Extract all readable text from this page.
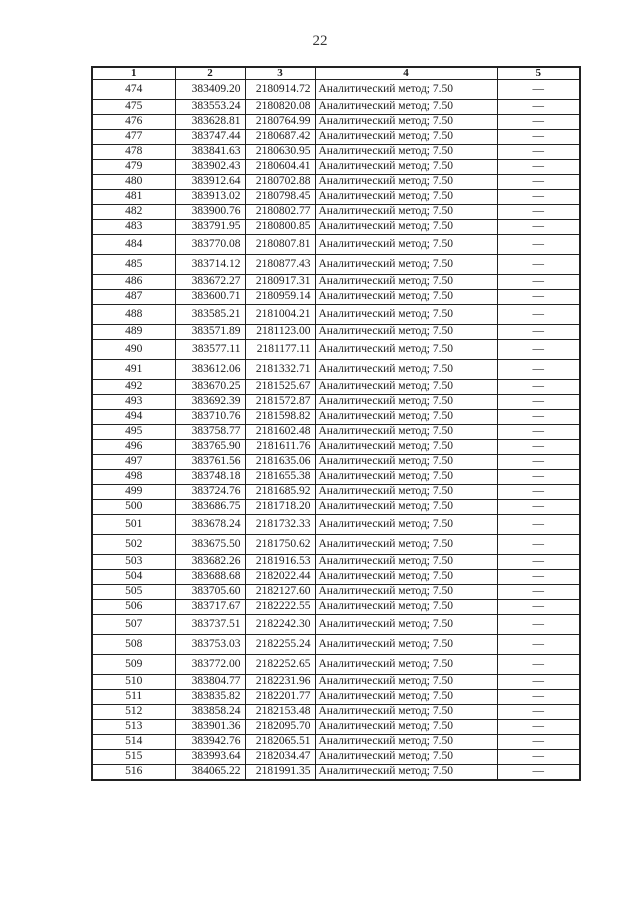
22
1	2	3	4	5
474	383409.20	2180914.72	Аналитический метод; 7.50	—
475	383553.24	2180820.08	Аналитический метод; 7.50	—
476	383628.81	2180764.99	Аналитический метод; 7.50	—
477	383747.44	2180687.42	Аналитический метод; 7.50	—
478	383841.63	2180630.95	Аналитический метод; 7.50	—
479	383902.43	2180604.41	Аналитический метод; 7.50	—
480	383912.64	2180702.88	Аналитический метод; 7.50	—
481	383913.02	2180798.45	Аналитический метод; 7.50	—
482	383900.76	2180802.77	Аналитический метод; 7.50	—
483	383791.95	2180800.85	Аналитический метод; 7.50	—
484	383770.08	2180807.81	Аналитический метод; 7.50	—
485	383714.12	2180877.43	Аналитический метод; 7.50	—
486	383672.27	2180917.31	Аналитический метод; 7.50	—
487	383600.71	2180959.14	Аналитический метод; 7.50	—
488	383585.21	2181004.21	Аналитический метод; 7.50	—
489	383571.89	2181123.00	Аналитический метод; 7.50	—
490	383577.11	2181177.11	Аналитический метод; 7.50	—
491	383612.06	2181332.71	Аналитический метод; 7.50	—
492	383670.25	2181525.67	Аналитический метод; 7.50	—
493	383692.39	2181572.87	Аналитический метод; 7.50	—
494	383710.76	2181598.82	Аналитический метод; 7.50	—
495	383758.77	2181602.48	Аналитический метод; 7.50	—
496	383765.90	2181611.76	Аналитический метод; 7.50	—
497	383761.56	2181635.06	Аналитический метод; 7.50	—
498	383748.18	2181655.38	Аналитический метод; 7.50	—
499	383724.76	2181685.92	Аналитический метод; 7.50	—
500	383686.75	2181718.20	Аналитический метод; 7.50	—
501	383678.24	2181732.33	Аналитический метод; 7.50	—
502	383675.50	2181750.62	Аналитический метод; 7.50	—
503	383682.26	2181916.53	Аналитический метод; 7.50	—
504	383688.68	2182022.44	Аналитический метод; 7.50	—
505	383705.60	2182127.60	Аналитический метод; 7.50	—
506	383717.67	2182222.55	Аналитический метод; 7.50	—
507	383737.51	2182242.30	Аналитический метод; 7.50	—
508	383753.03	2182255.24	Аналитический метод; 7.50	—
509	383772.00	2182252.65	Аналитический метод; 7.50	—
510	383804.77	2182231.96	Аналитический метод; 7.50	—
511	383835.82	2182201.77	Аналитический метод; 7.50	—
512	383858.24	2182153.48	Аналитический метод; 7.50	—
513	383901.36	2182095.70	Аналитический метод; 7.50	—
514	383942.76	2182065.51	Аналитический метод; 7.50	—
515	383993.64	2182034.47	Аналитический метод; 7.50	—
516	384065.22	2181991.35	Аналитический метод; 7.50	—
